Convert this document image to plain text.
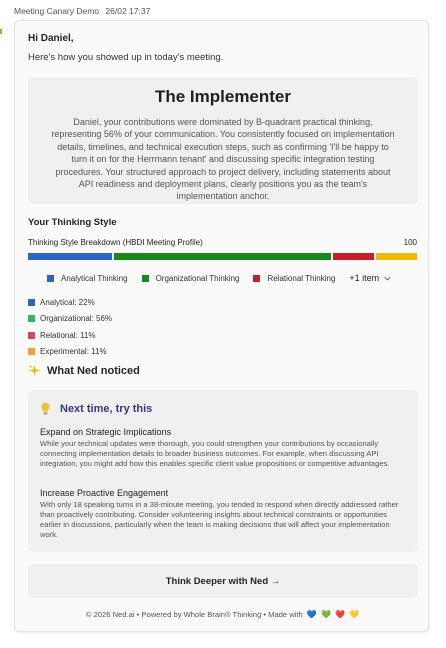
Meeting Canary Demo 26/02 17:37
Hi Daniel,
Here's how you showed up in today's meeting.
The Implementer
Daniel, your contributions were dominated by B-quadrant practical thinking, representing 56% of your communication. You consistently focused on implementation details, timelines, and technical execution steps, such as confirming 'I'll be happy to turn it on for the Herrmann tenant' and discussing specific integration testing procedures. Your structured approach to project delivery, including statements about API readiness and deployment plans, clearly positions you as the team's implementation anchor.
Your Thinking Style
Thinking Style Breakdown (HBDI Meeting Profile)	100
Analytical Thinking	Organizational Thinking	Relational Thinking +1 item
Analytical: 22%
Organizational: 56%
Relational: 11%
Experimental: 11%
What Ned noticed
Next time, try this
Expand on Strategic Implications
While your technical updates were thorough, you could strengthen your contributions by occasionally connecting implementation details to broader business outcomes. For example, when discussing API integration, you might add how this enables specific client value propositions or competitive advantages.
Increase Proactive Engagement
With only 18 speaking turns in a 38-minute meeting, you tended to respond when directly addressed rather than proactively contributing. Consider volunteering insights about technical constraints or opportunities earlier in discussions, particularly when the team is making decisions that will affect your implementation work.
Think Deeper with Ned →
© 2026 Ned.ai • Powered by Whole Brain® Thinking • Made with 💙 💚 ❤️ 💛
